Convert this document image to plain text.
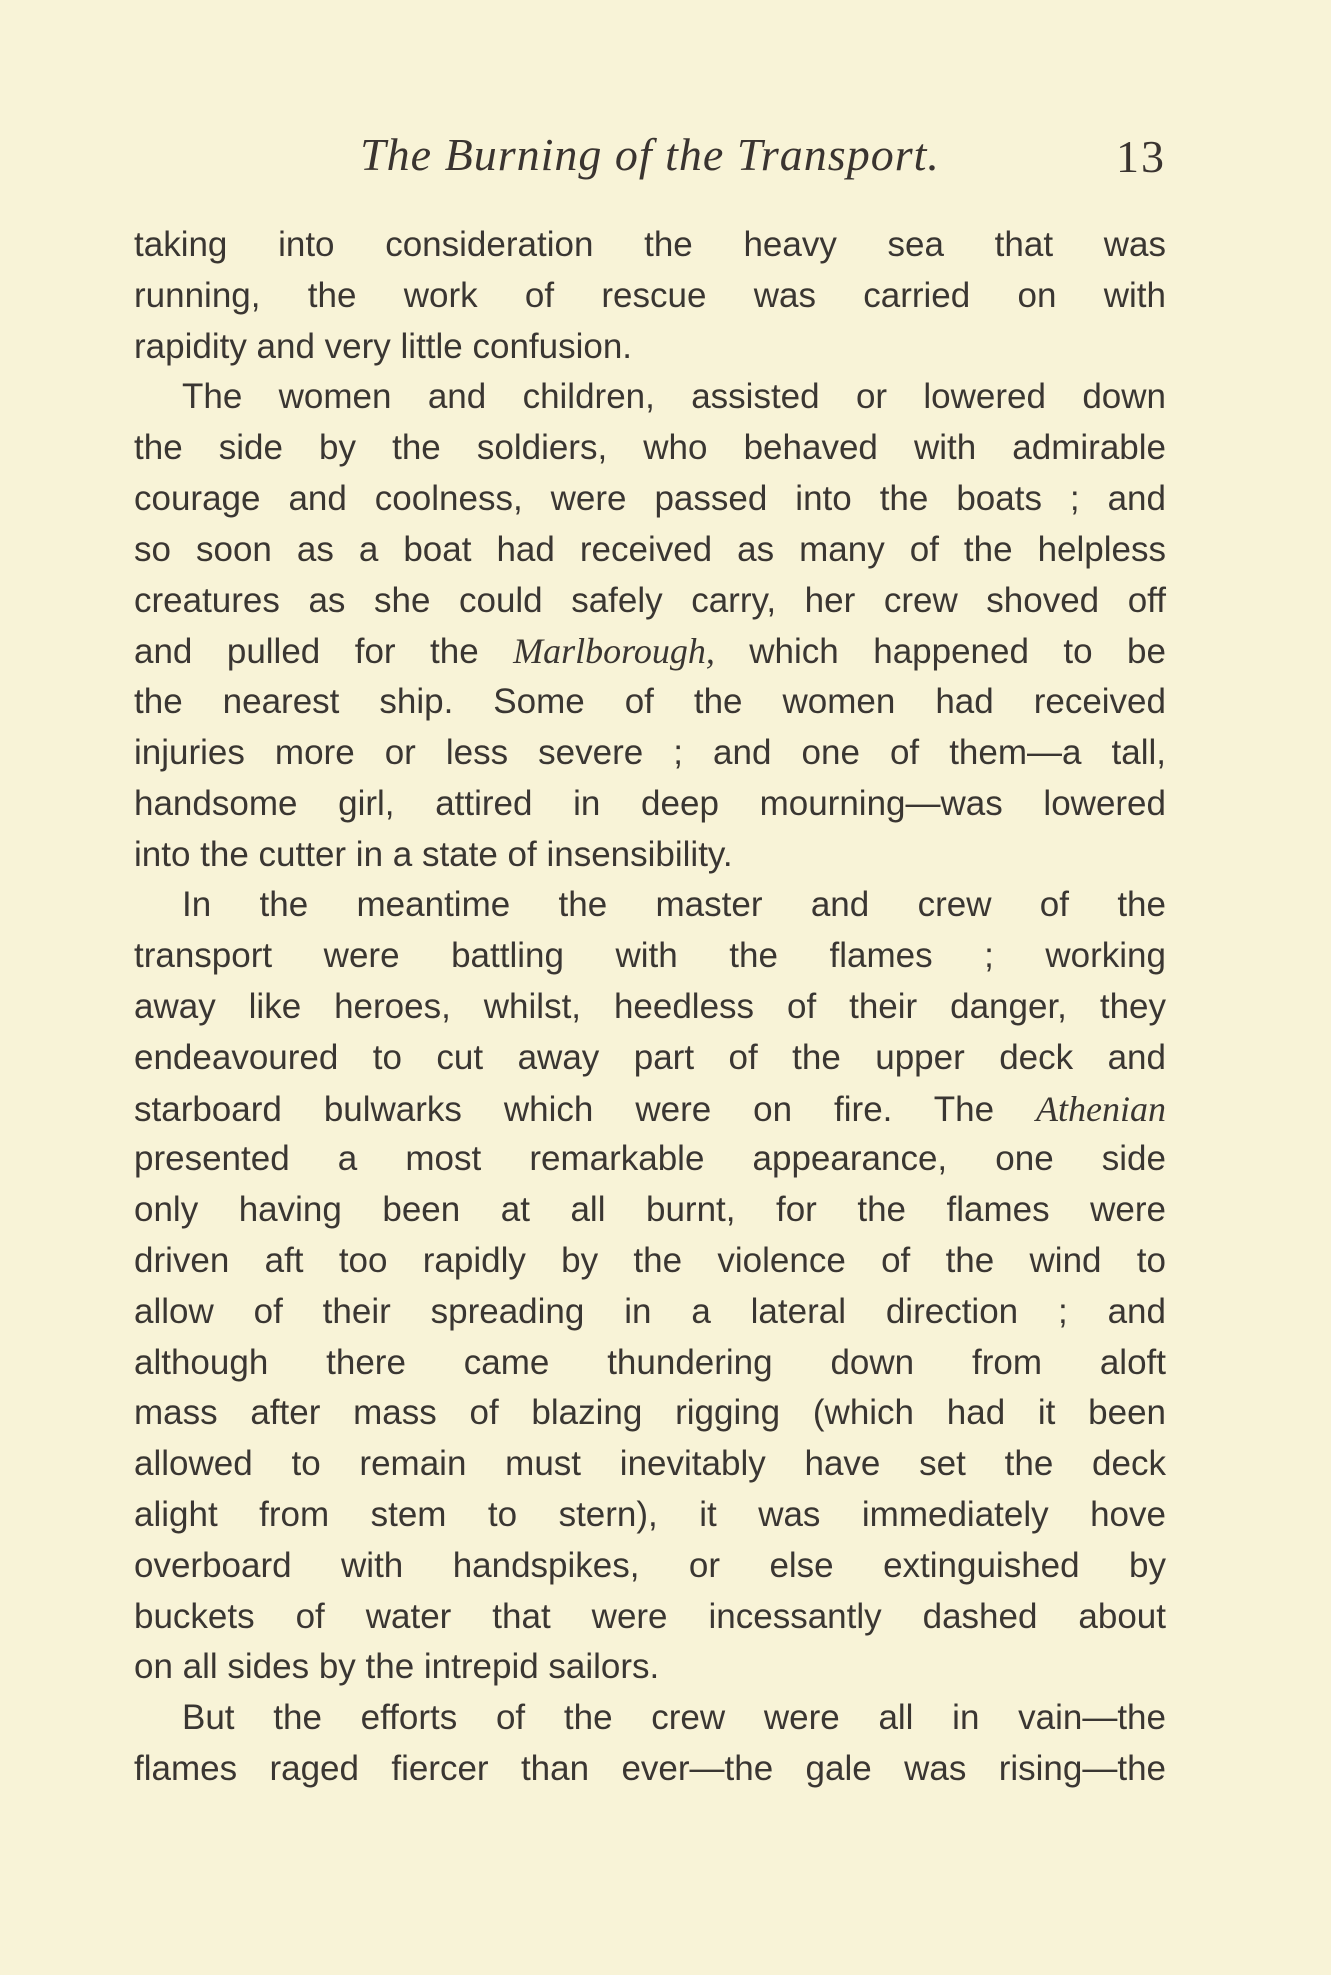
The Burning of the Transport.	13
taking into consideration the heavy sea that was
running, the work of rescue was carried on with
rapidity and very little confusion.
The women and children, assisted or lowered down
the side by the soldiers, who behaved with admirable
courage and coolness, were passed into the boats ; and
so soon as a boat had received as many of the helpless
creatures as she could safely carry, her crew shoved off
and pulled for the Marlborough, which happened to be
the nearest ship. Some of the women had received
injuries more or less severe ; and one of them—a tall,
handsome girl, attired in deep mourning—was lowered
into the cutter in a state of insensibility.
In the meantime the master and crew of the
transport were battling with the flames ; working
away like heroes, whilst, heedless of their danger, they
endeavoured to cut away part of the upper deck and
starboard bulwarks which were on fire. The Athenian
presented a most remarkable appearance, one side
only having been at all burnt, for the flames were
driven aft too rapidly by the violence of the wind to
allow of their spreading in a lateral direction ; and
although there came thundering down from aloft
mass after mass of blazing rigging (which had it been
allowed to remain must inevitably have set the deck
alight from stem to stern), it was immediately hove
overboard with handspikes, or else extinguished by
buckets of water that were incessantly dashed about
on all sides by the intrepid sailors.
But the efforts of the crew were all in vain—the
flames raged fiercer than ever—the gale was rising—the
